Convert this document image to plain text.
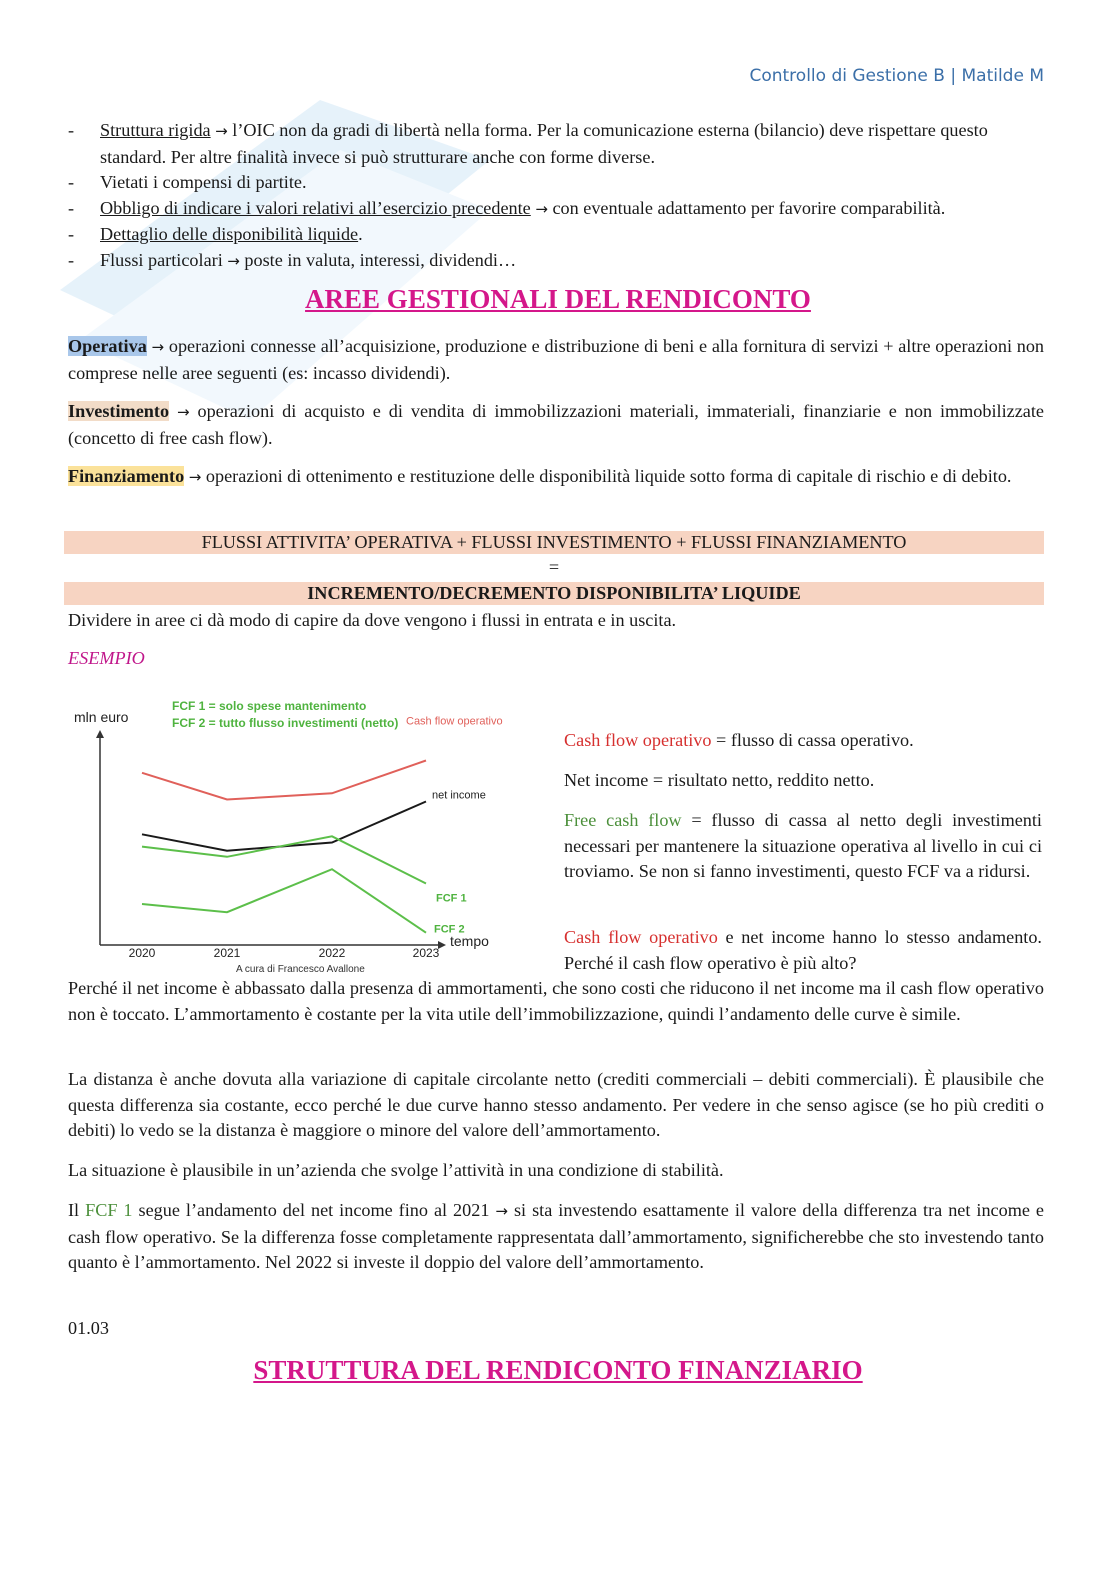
Controllo di Gestione B | Matilde M
-	Struttura rigida → l’OIC non da gradi di libertà nella forma. Per la comunicazione esterna (bilancio) deve rispettare questo standard. Per altre finalità invece si può strutturare anche con forme diverse.
-	Vietati i compensi di partite.
-	Obbligo di indicare i valori relativi all’esercizio precedente → con eventuale adattamento per favorire comparabilità.
-	Dettaglio delle disponibilità liquide.
-	Flussi particolari → poste in valuta, interessi, dividendi…
AREE GESTIONALI DEL RENDICONTO
Operativa → operazioni connesse all’acquisizione, produzione e distribuzione di beni e alla fornitura di servizi + altre operazioni non comprese nelle aree seguenti (es: incasso dividendi).
Investimento → operazioni di acquisto e di vendita di immobilizzazioni materiali, immateriali, finanziarie e non immobilizzate (concetto di free cash flow).
Finanziamento → operazioni di ottenimento e restituzione delle disponibilità liquide sotto forma di capitale di rischio e di debito.
FLUSSI ATTIVITA’ OPERATIVA + FLUSSI INVESTIMENTO + FLUSSI FINANZIAMENTO
=
INCREMENTO/DECREMENTO DISPONIBILITA’ LIQUIDE
Dividere in aree ci dà modo di capire da dove vengono i flussi in entrata e in uscita.
ESEMPIO
mln euro
FCF 1 = solo spese mantenimento
FCF 2 = tutto flusso investimenti (netto)
tempo
A cura di Francesco Avallone
2020	2021	2022	2023
Cash flow operativo
net income
FCF 1
FCF 2
Cash flow operativo = flusso di cassa operativo.
Net income = risultato netto, reddito netto.
Free cash flow = flusso di cassa al netto degli investimenti necessari per mantenere la situazione operativa al livello in cui ci troviamo. Se non si fanno investimenti, questo FCF va a ridursi.
Cash flow operativo e net income hanno lo stesso andamento. Perché il cash flow operativo è più alto?
Perché il net income è abbassato dalla presenza di ammortamenti, che sono costi che riducono il net income ma il cash flow operativo non è toccato. L’ammortamento è costante per la vita utile dell’immobilizzazione, quindi l’andamento delle curve è simile.
La distanza è anche dovuta alla variazione di capitale circolante netto (crediti commerciali – debiti commerciali). È plausibile che questa differenza sia costante, ecco perché le due curve hanno stesso andamento. Per vedere in che senso agisce (se ho più crediti o debiti) lo vedo se la distanza è maggiore o minore del valore dell’ammortamento.
La situazione è plausibile in un’azienda che svolge l’attività in una condizione di stabilità.
Il FCF 1 segue l’andamento del net income fino al 2021 → si sta investendo esattamente il valore della differenza tra net income e cash flow operativo. Se la differenza fosse completamente rappresentata dall’ammortamento, significherebbe che sto investendo tanto quanto è l’ammortamento. Nel 2022 si investe il doppio del valore dell’ammortamento.
01.03
STRUTTURA DEL RENDICONTO FINANZIARIO
